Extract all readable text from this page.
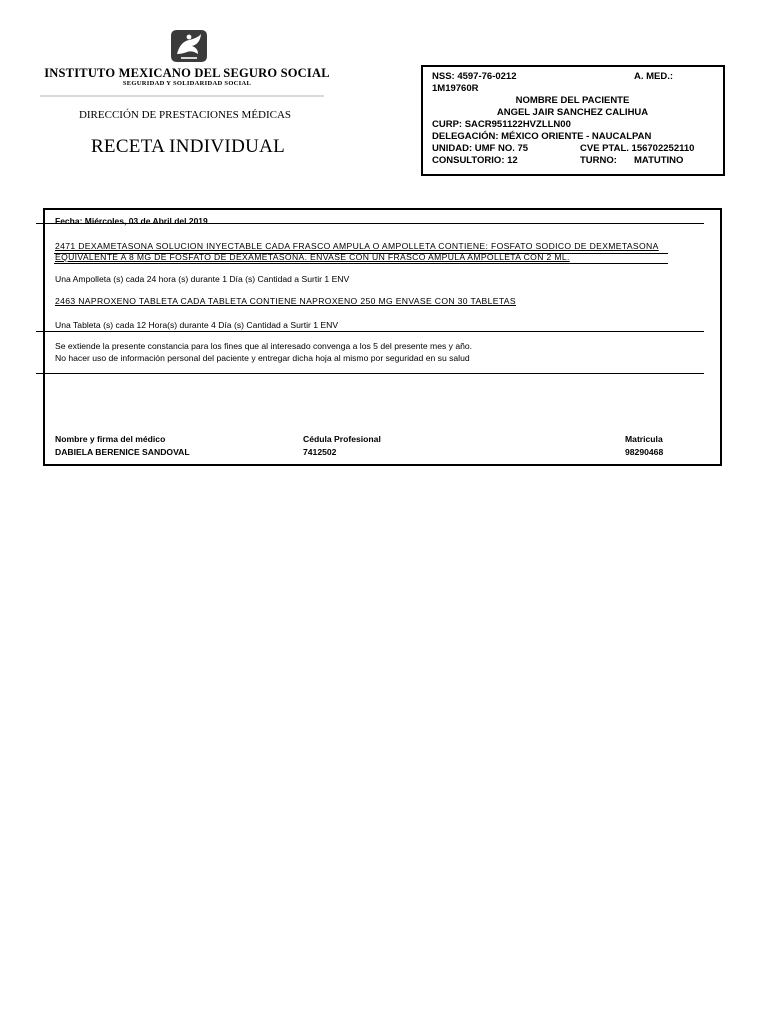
INSTITUTO MEXICANO DEL SEGURO SOCIAL
SEGURIDAD Y SOLIDARIDAD SOCIAL
DIRECCIÓN DE PRESTACIONES MÉDICAS
RECETA INDIVIDUAL
NSS: 4597-76-0212	A. MED.:
1M19760R
NOMBRE DEL PACIENTE
ANGEL JAIR SANCHEZ CALIHUA
CURP: SACR951122HVZLLN00
DELEGACIÓN: MÉXICO ORIENTE - NAUCALPAN
UNIDAD: UMF NO. 75	CVE PTAL. 156702252110
CONSULTORIO: 12	TURNO: MATUTINO
Fecha: Miércoles, 03 de Abril del 2019
2471 DEXAMETASONA SOLUCION INYECTABLE CADA FRASCO AMPULA O AMPOLLETA CONTIENE: FOSFATO SODICO DE DEXMETASONA
EQUIVALENTE A 8 MG DE FOSFATO DE DEXAMETASONA. ENVASE CON UN FRASCO AMPULA AMPOLLETA CON 2 ML.
Una Ampolleta (s) cada 24 hora (s) durante 1 Día (s) Cantidad a Surtir 1 ENV
2463 NAPROXENO TABLETA CADA TABLETA CONTIENE NAPROXENO 250 MG ENVASE CON 30 TABLETAS
Una Tableta (s) cada 12 Hora(s) durante 4 Día (s) Cantidad a Surtir 1 ENV
Se extiende la presente constancia para los fines que al interesado convenga a los 5 del presente mes y año.
No hacer uso de información personal del paciente y entregar dicha hoja al mismo por seguridad en su salud
Nombre y firma del médico
DABIELA BERENICE SANDOVAL
Cédula Profesional
7412502
Matricula
98290468
